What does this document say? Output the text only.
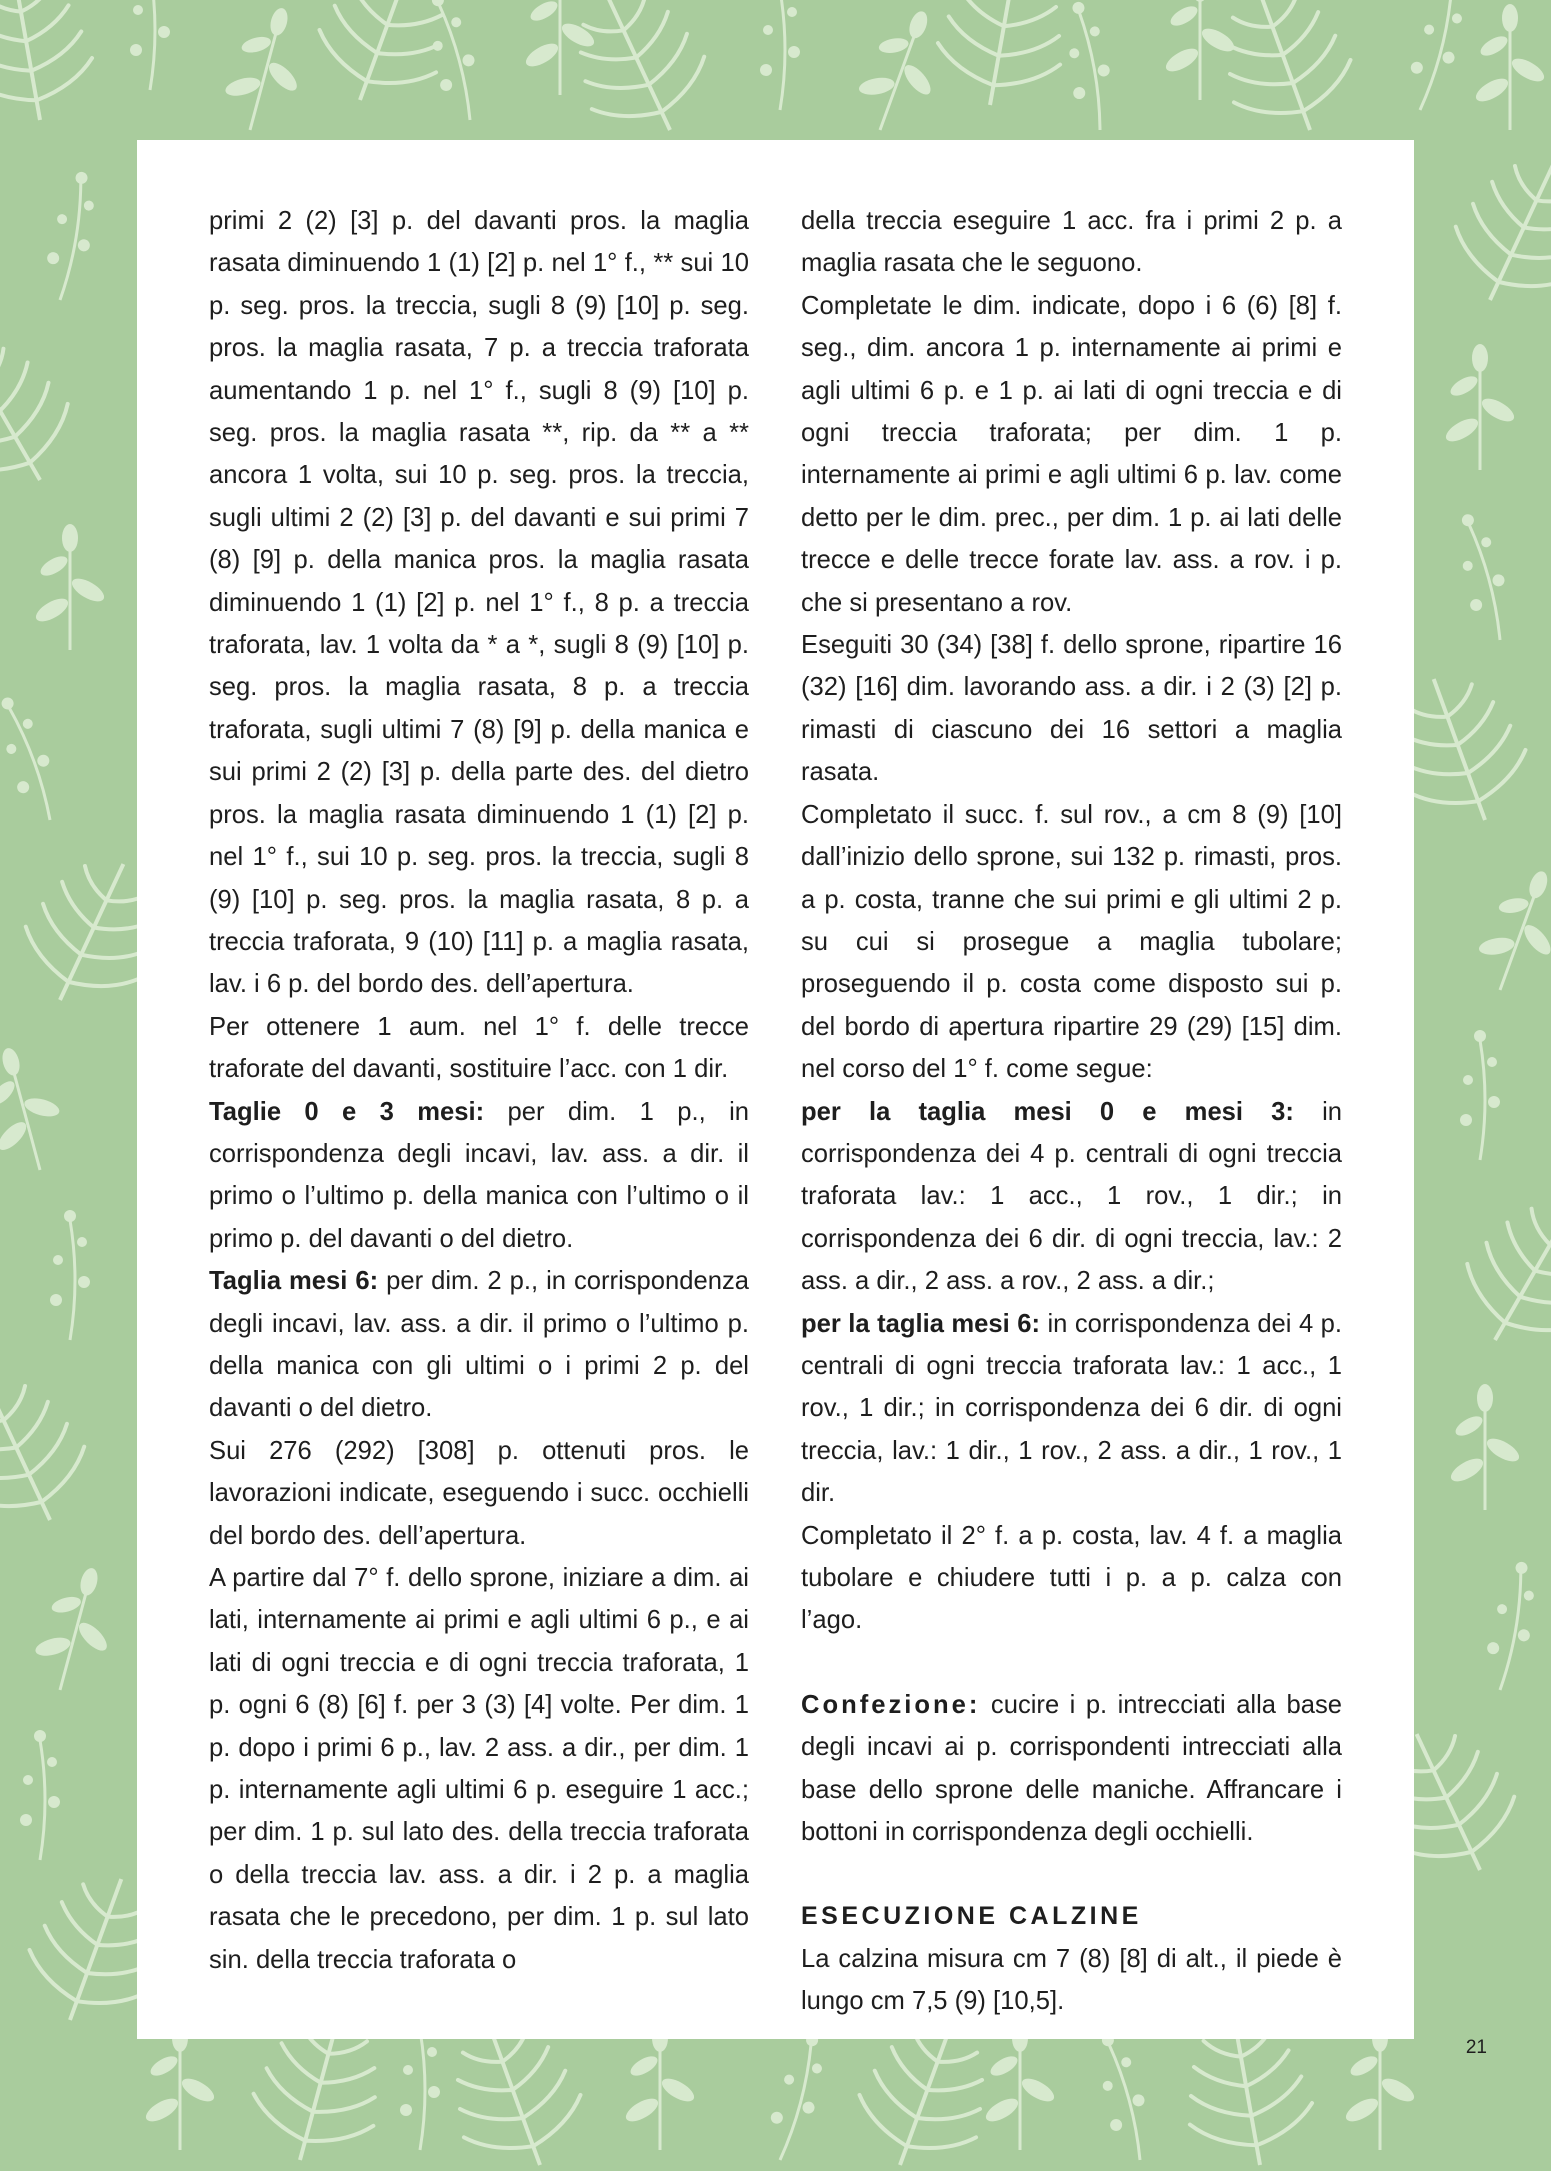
primi 2 (2) [3] p. del davanti pros. la maglia rasata diminuendo 1 (1) [2] p. nel 1° f., ** sui 10 p. seg. pros. la treccia, sugli 8 (9) [10] p. seg. pros. la maglia rasata, 7 p. a treccia traforata aumentando 1 p. nel 1° f., sugli 8 (9) [10] p. seg. pros. la maglia rasata **, rip. da ** a ** ancora 1 volta, sui 10 p. seg. pros. la treccia, sugli ultimi 2 (2) [3] p. del davanti e sui primi 7 (8) [9] p. della manica pros. la maglia rasata diminuendo 1 (1) [2] p. nel 1° f., 8 p. a treccia traforata, lav. 1 volta da * a *, sugli 8 (9) [10] p. seg. pros. la maglia rasata, 8 p. a treccia traforata, sugli ultimi 7 (8) [9] p. della manica e sui primi 2 (2) [3] p. della parte des. del dietro pros. la maglia rasata diminuendo 1 (1) [2] p. nel 1° f., sui 10 p. seg. pros. la treccia, sugli 8 (9) [10] p. seg. pros. la maglia rasata, 8 p. a treccia traforata, 9 (10) [11] p. a maglia rasata, lav. i 6 p. del bordo des. dell’apertura.

Per ottenere 1 aum. nel 1° f. delle trecce traforate del davanti, sostituire l’acc. con 1 dir.

Taglie 0 e 3 mesi: per dim. 1 p., in corrispondenza degli incavi, lav. ass. a dir. il primo o l’ultimo p. della manica con l’ultimo o il primo p. del davanti o del dietro.

Taglia mesi 6: per dim. 2 p., in corrispondenza degli incavi, lav. ass. a dir. il primo o l’ultimo p. della manica con gli ultimi o i primi 2 p. del davanti o del dietro.

Sui 276 (292) [308] p. ottenuti pros. le lavorazioni indicate, eseguendo i succ. occhielli del bordo des. dell’apertura.

A partire dal 7° f. dello sprone, iniziare a dim. ai lati, internamente ai primi e agli ultimi 6 p., e ai lati di ogni treccia e di ogni treccia traforata, 1 p. ogni 6 (8) [6] f. per 3 (3) [4] volte. Per dim. 1 p. dopo i primi 6 p., lav. 2 ass. a dir., per dim. 1 p. internamente agli ultimi 6 p. eseguire 1 acc.; per dim. 1 p. sul lato des. della treccia traforata o della treccia lav. ass. a dir. i 2 p. a maglia rasata che le precedono, per dim. 1 p. sul lato sin. della treccia traforata o

della treccia eseguire 1 acc. fra i primi 2 p. a maglia rasata che le seguono.

Completate le dim. indicate, dopo i 6 (6) [8] f. seg., dim. ancora 1 p. internamente ai primi e agli ultimi 6 p. e 1 p. ai lati di ogni treccia e di ogni treccia traforata; per dim. 1 p. internamente ai primi e agli ultimi 6 p. lav. come detto per le dim. prec., per dim. 1 p. ai lati delle trecce e delle trecce forate lav. ass. a rov. i p. che si presentano a rov.

Eseguiti 30 (34) [38] f. dello sprone, ripartire 16 (32) [16] dim. lavorando ass. a dir. i 2 (3) [2] p. rimasti di ciascuno dei 16 settori a maglia rasata.

Completato il succ. f. sul rov., a cm 8 (9) [10] dall’inizio dello sprone, sui 132 p. rimasti, pros. a p. costa, tranne che sui primi e gli ultimi 2 p. su cui si prosegue a maglia tubolare; proseguendo il p. costa come disposto sui p. del bordo di apertura ripartire 29 (29) [15] dim. nel corso del 1° f. come segue:

per la taglia mesi 0 e mesi 3: in corrispondenza dei 4 p. centrali di ogni treccia traforata lav.: 1 acc., 1 rov., 1 dir.; in corrispondenza dei 6 dir. di ogni treccia, lav.: 2 ass. a dir., 2 ass. a rov., 2 ass. a dir.;

per la taglia mesi 6: in corrispondenza dei 4 p. centrali di ogni treccia traforata lav.: 1 acc., 1 rov., 1 dir.; in corrispondenza dei 6 dir. di ogni treccia, lav.: 1 dir., 1 rov., 2 ass. a dir., 1 rov., 1 dir.

Completato il 2° f. a p. costa, lav. 4 f. a maglia tubolare e chiudere tutti i p. a p. calza con l’ago.

Confezione: cucire i p. intrecciati alla base degli incavi ai p. corrispondenti intrecciati alla base dello sprone delle maniche. Affrancare i bottoni in corrispondenza degli occhielli.

ESECUZIONE CALZINE

La calzina misura cm 7 (8) [8] di alt., il piede è lungo cm 7,5 (9) [10,5].

21
